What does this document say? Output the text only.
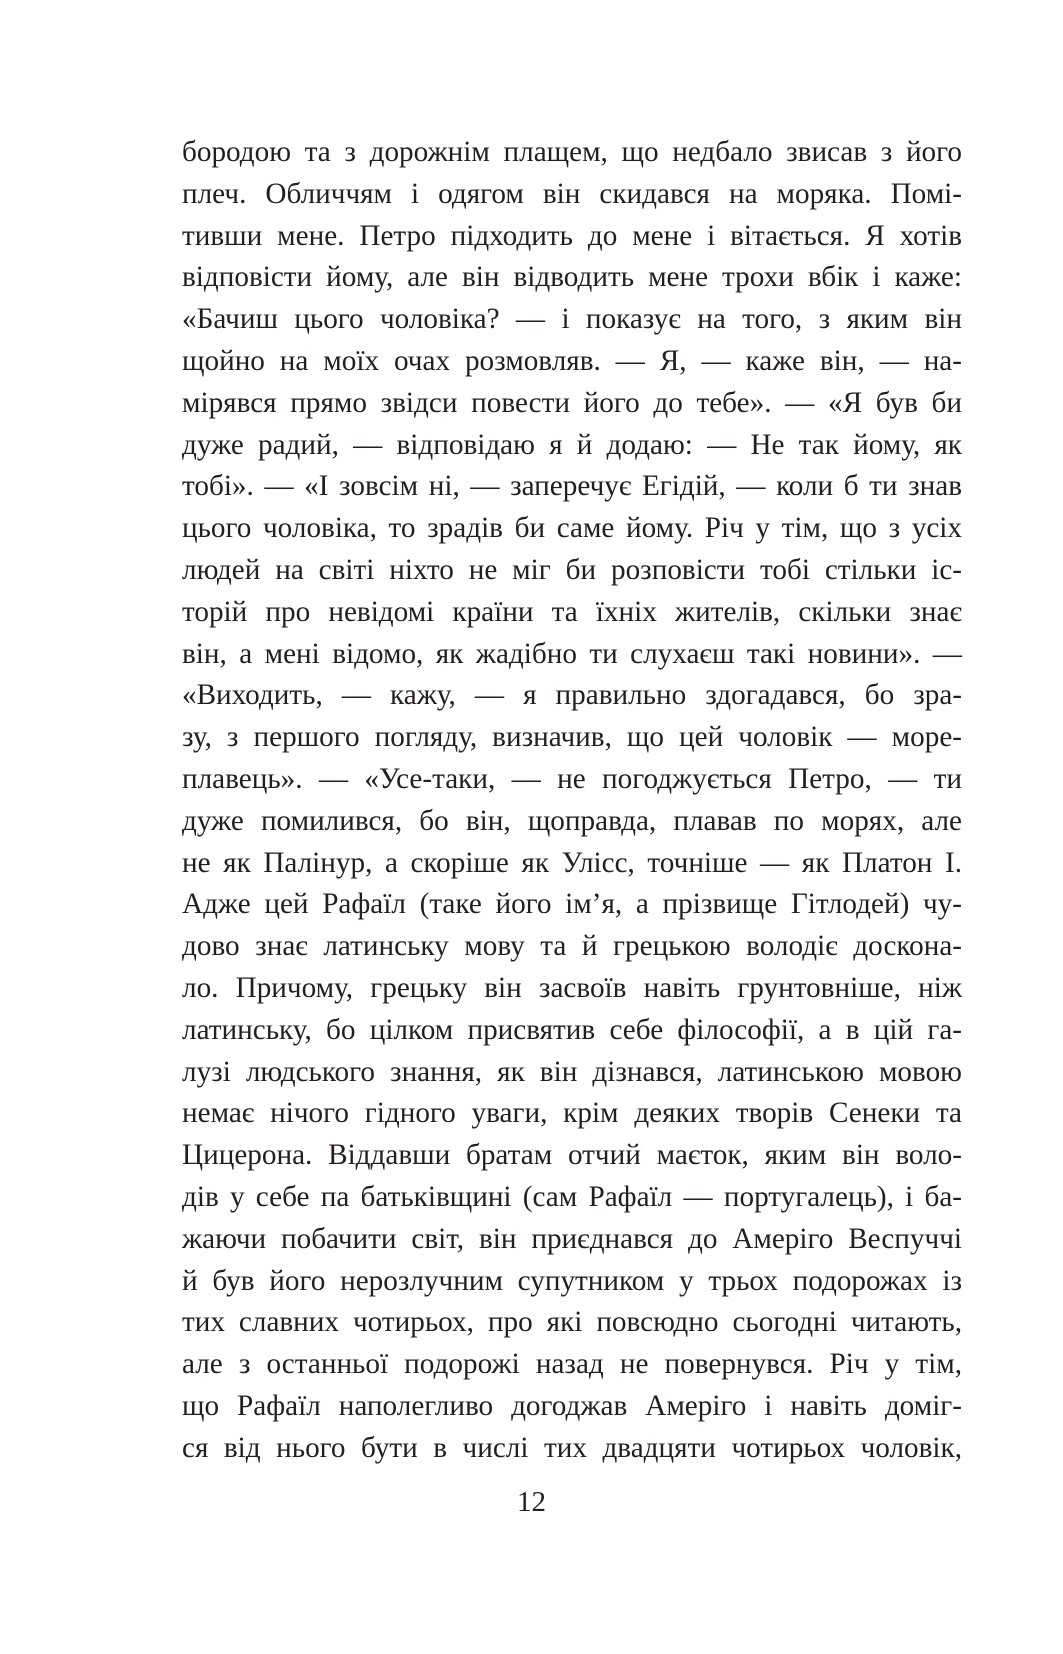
бородою та з дорожнім плащем, що недбало звисав з його
плеч. Обличчям і одягом він скидався на моряка. Помі-
тивши мене. Петро підходить до мене і вітається. Я хотів
відповісти йому, але він відводить мене трохи вбік і каже:
«Бачиш цього чоловіка? — і показує на того, з яким він
щойно на моїх очах розмовляв. — Я, — каже він, — на-
мірявся прямо звідси повести його до тебе». — «Я був би
дуже радий, — відповідаю я й додаю: — Не так йому, як
тобі». — «І зовсім ні, — заперечує Егідій, — коли б ти знав
цього чоловіка, то зрадів би саме йому. Річ у тім, що з усіх
людей на світі ніхто не міг би розповісти тобі стільки іс-
торій про невідомі країни та їхніх жителів, скільки знає
він, а мені відомо, як жадібно ти слухаєш такі новини». —
«Виходить, — кажу, — я правильно здогадався, бо зра-
зу, з першого погляду, визначив, що цей чоловік — море-
плавець». — «Усе-таки, — не погоджується Петро, — ти
дуже помилився, бо він, щоправда, плавав по морях, але
не як Палінур, а скоріше як Улісс, точніше — як Платон І.
Адже цей Рафаїл (таке його ім’я, а прізвище Гітлодей) чу-
дово знає латинську мову та й грецькою володіє доскона-
ло. Причому, грецьку він засвоїв навіть грунтовніше, ніж
латинську, бо цілком присвятив себе філософії, а в цій га-
лузі людського знання, як він дізнався, латинською мовою
немає нічого гідного уваги, крім деяких творів Сенеки та
Цицерона. Віддавши братам отчий маєток, яким він воло-
дів у себе па батьківщині (сам Рафаїл — португалець), і ба-
жаючи побачити світ, він приєднався до Амеріго Веспуччі
й був його нерозлучним супутником у трьох подорожах із
тих славних чотирьох, про які повсюдно сьогодні читають,
але з останньої подорожі назад не повернувся. Річ у тім,
що Рафаїл наполегливо догоджав Амеріго і навіть доміг-
ся від нього бути в числі тих двадцяти чотирьох чоловік,
12
